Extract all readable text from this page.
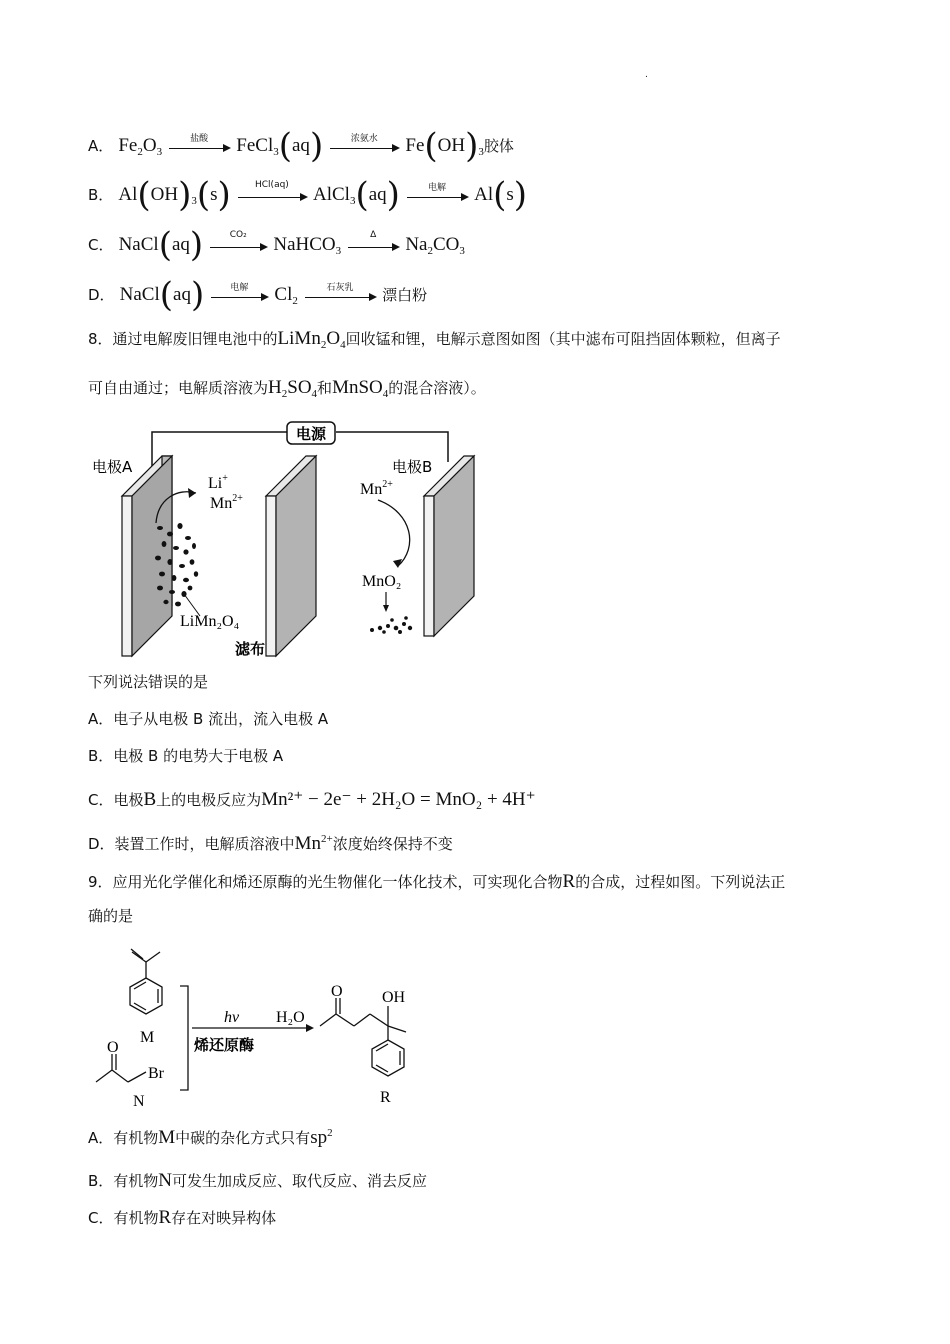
.
A． $Fe_2O_3$
盐酸	FeCl$_3$(aq)	浓氨水	$Fe(OH)_3$胶体
B． $Al(OH)_3(s)$	HCl(aq)	AlCl$_3$(aq)	电解	Al(s)
C． NaCl(aq)	CO₂	NaHCO$_3$
Δ	$Na_2CO_3$
D． NaCl(aq)	电解	$Cl_2$
石灰乳	漂白粉
8．通过电解废旧锂电池中的$LiMn_2O_4$回收锰和锂，电解示意图如图（其中滤布可阻挡固体颗粒，但离子
可自由通过；电解质溶液为$H_2SO_4$和MnSO$_4$的混合溶液）。
电源
电极A	电极B
Li+
$Mn^{2+}$
LiMn₂O₄
滤布
$Mn^{2+}$
MnO₂
下列说法错误的是
A．电子从电极 B 流出，流入电极 A
B．电极 B 的电势大于电极 A
C．电极B上的电极反应为Mn²⁺ − 2e⁻ + 2H₂O = MnO₂ + 4H⁺
D．装置工作时，电解质溶液中$Mn^{2+}$浓度始终保持不变
9．应用光化学催化和烯还原酶的光生物催化一体化技术，可实现化合物R的合成，过程如图。下列说法正
确的是
M
N
O
Br
hν
烯还原酶
H₂O
O OH
R
A．有机物M中碳的杂化方式只有$sp^2$
B．有机物N可发生加成反应、取代反应、消去反应
C．有机物R存在对映异构体
